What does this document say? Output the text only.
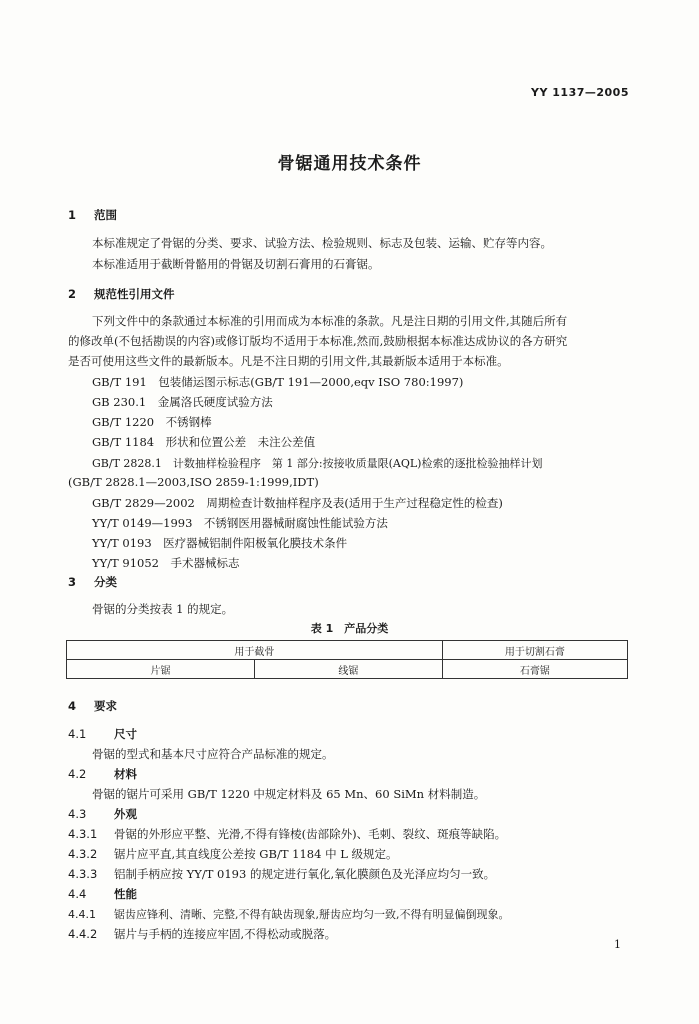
YY 1137—2005
骨锯通用技术条件
1 范围
本标准规定了骨锯的分类、要求、试验方法、检验规则、标志及包装、运输、贮存等内容。
本标准适用于截断骨骼用的骨锯及切割石膏用的石膏锯。
2 规范性引用文件
下列文件中的条款通过本标准的引用而成为本标准的条款。凡是注日期的引用文件,其随后所有
的修改单(不包括勘误的内容)或修订版均不适用于本标准,然而,鼓励根据本标准达成协议的各方研究
是否可使用这些文件的最新版本。凡是不注日期的引用文件,其最新版本适用于本标准。
GB/T 191　包装储运图示标志(GB/T 191—2000,eqv ISO 780:1997)
GB 230.1　金属洛氏硬度试验方法
GB/T 1220　不锈钢棒
GB/T 1184　形状和位置公差　未注公差值
GB/T 2828.1　计数抽样检验程序　第 1 部分:按接收质量限(AQL)检索的逐批检验抽样计划
(GB/T 2828.1—2003,ISO 2859-1:1999,IDT)
GB/T 2829—2002　周期检查计数抽样程序及表(适用于生产过程稳定性的检查)
YY/T 0149—1993　不锈钢医用器械耐腐蚀性能试验方法
YY/T 0193　医疗器械铝制件阳极氧化膜技术条件
YY/T 91052　手术器械标志
3 分类
骨锯的分类按表 1 的规定。
表 1　产品分类
用于截骨		用于切割石膏
片锯	线锯	石膏锯
4 要求
4.1 尺寸
骨锯的型式和基本尺寸应符合产品标准的规定。
4.2 材料
骨锯的锯片可采用 GB/T 1220 中规定材料及 65 Mn、60 SiMn 材料制造。
4.3 外观
4.3.1 骨锯的外形应平整、光滑,不得有锋棱(齿部除外)、毛刺、裂纹、斑痕等缺陷。
4.3.2 锯片应平直,其直线度公差按 GB/T 1184 中 L 级规定。
4.3.3 铝制手柄应按 YY/T 0193 的规定进行氧化,氧化膜颜色及光泽应均匀一致。
4.4 性能
4.4.1 锯齿应锋利、清晰、完整,不得有缺齿现象,掰齿应均匀一致,不得有明显偏倒现象。
4.4.2 锯片与手柄的连接应牢固,不得松动或脱落。
1
